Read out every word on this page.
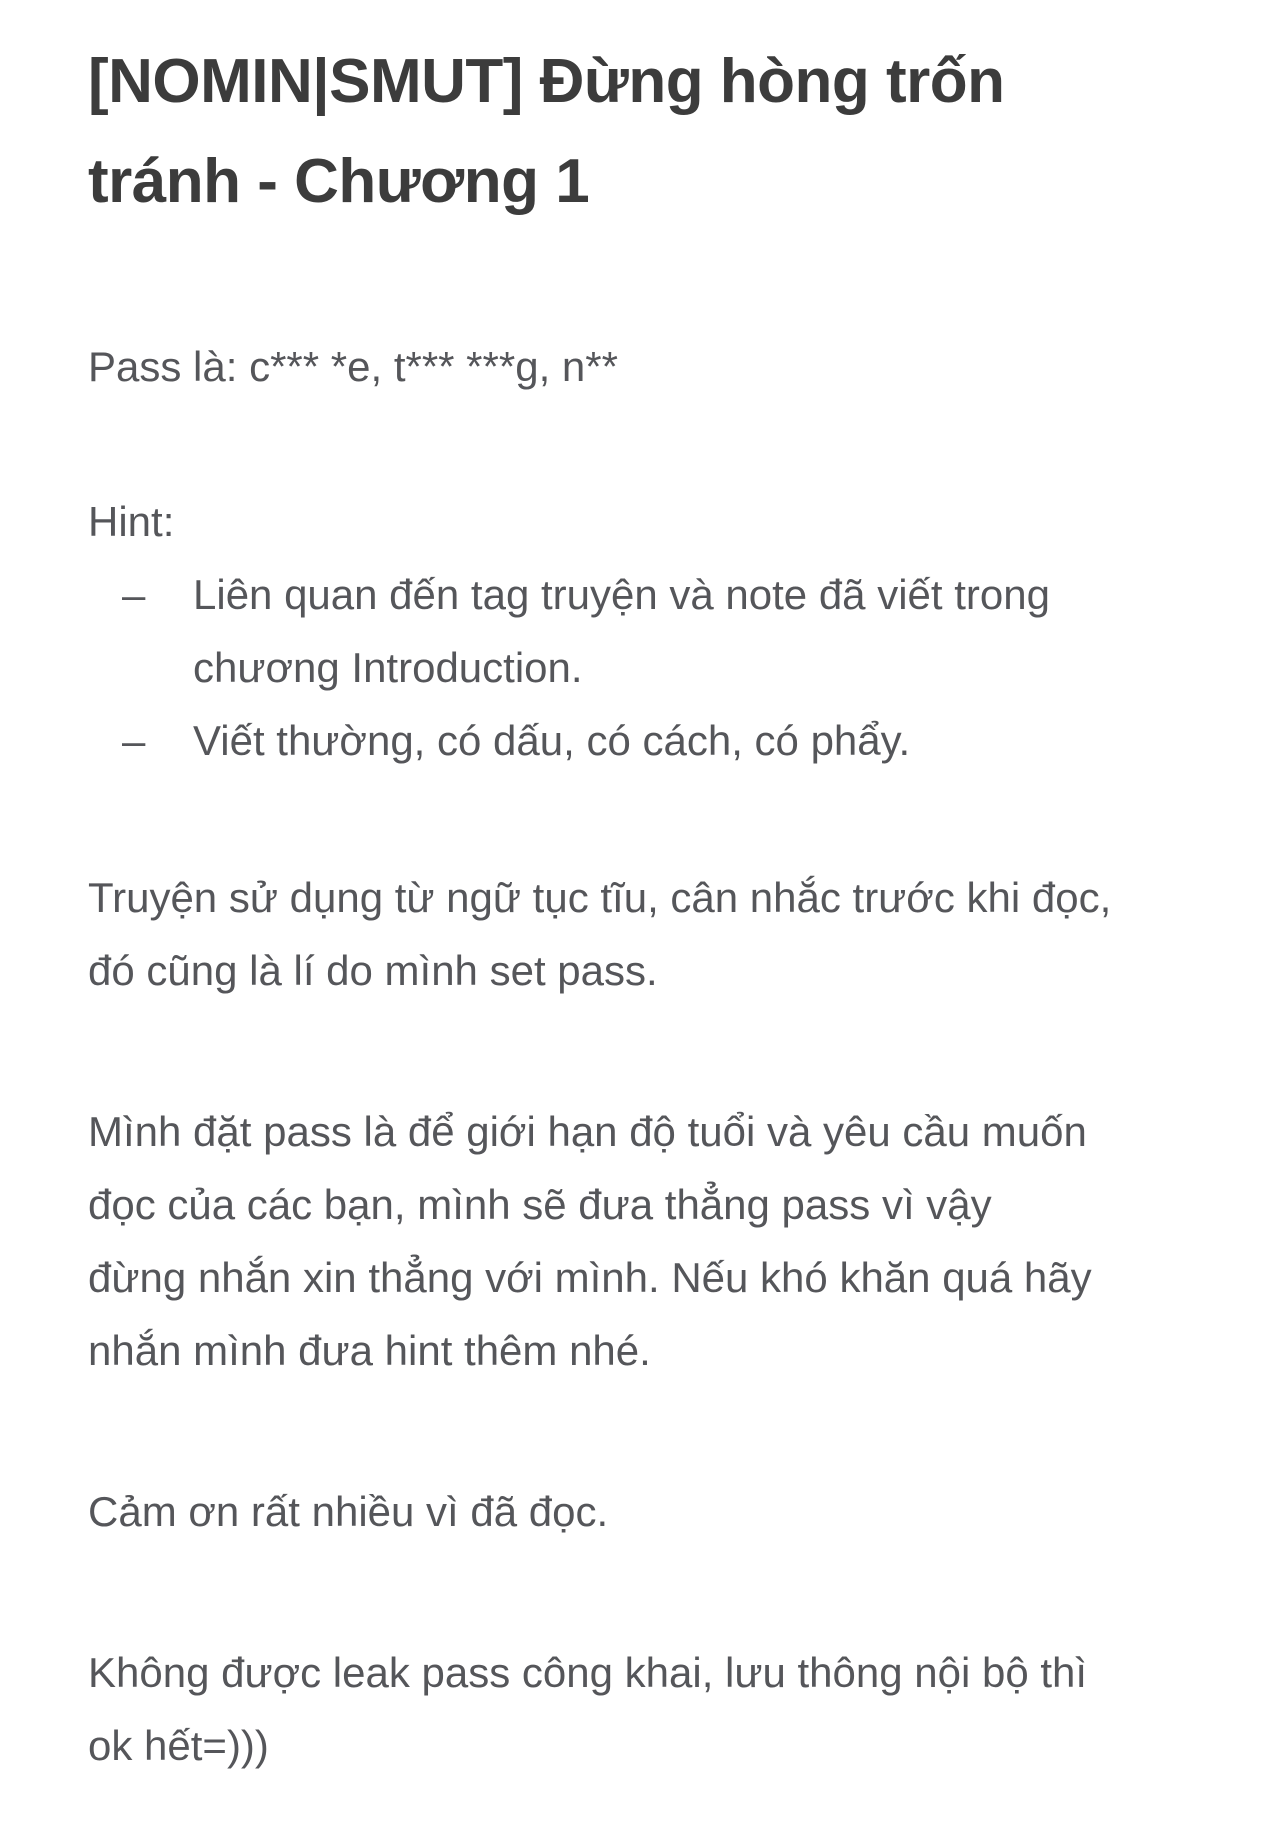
[NOMIN|SMUT] Đừng hòng trốn
tránh - Chương 1

Pass là: c*** *e, t*** ***g, n**

Hint:

– Liên quan đến tag truyện và note đã viết trong
chương Introduction.
– Viết thường, có dấu, có cách, có phẩy.

Truyện sử dụng từ ngữ tục tĩu, cân nhắc trước khi đọc,
đó cũng là lí do mình set pass.

Mình đặt pass là để giới hạn độ tuổi và yêu cầu muốn
đọc của các bạn, mình sẽ đưa thẳng pass vì vậy
đừng nhắn xin thẳng với mình. Nếu khó khăn quá hãy
nhắn mình đưa hint thêm nhé.

Cảm ơn rất nhiều vì đã đọc.

Không được leak pass công khai, lưu thông nội bộ thì
ok hết=)))
